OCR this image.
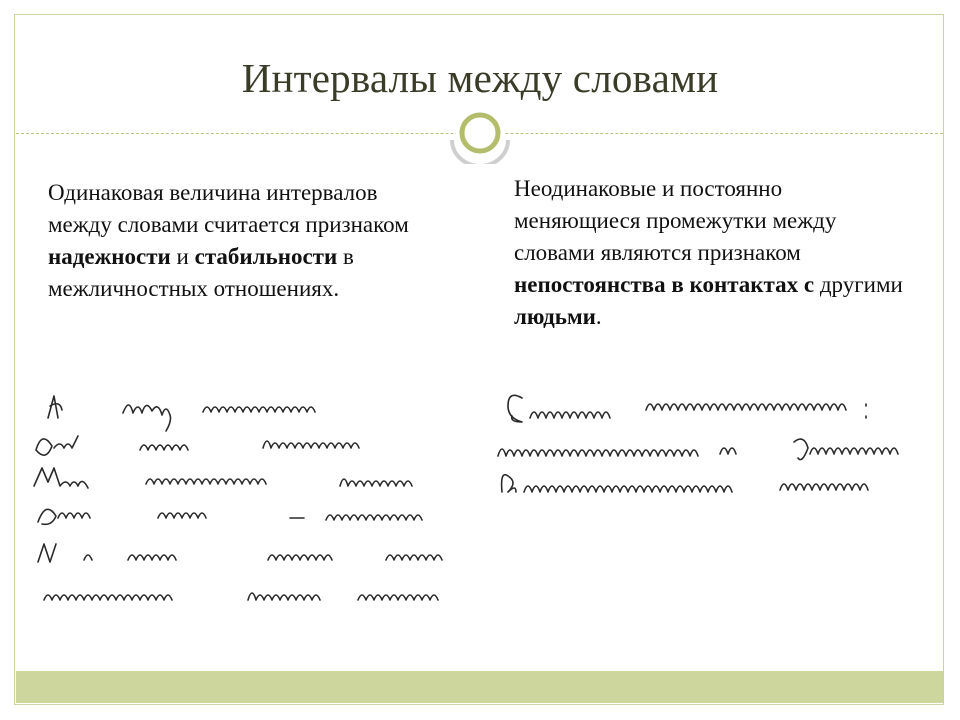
Интервалы между словами
Одинаковая величина интервалов между словами считается признаком надежности и стабильности в межличностных отношениях.
Неодинаковые и постоянно меняющиеся промежутки между словами являются признаком непостоянства в контактах с другими людьми.
